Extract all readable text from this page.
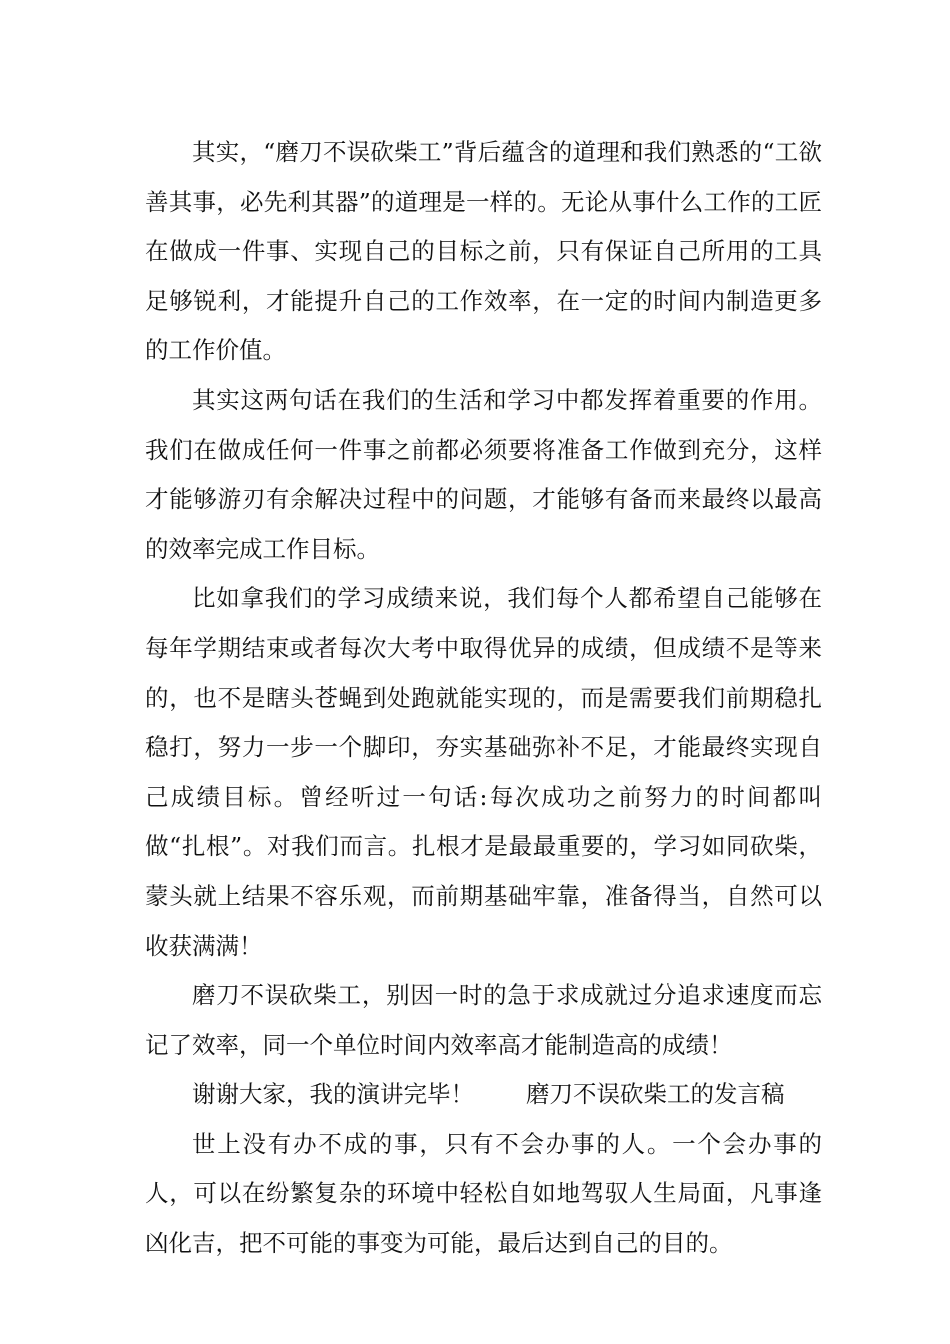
其实，“磨刀不误砍柴工”背后蕴含的道理和我们熟悉的“工欲善其事，必先利其器”的道理是一样的。无论从事什么工作的工匠在做成一件事、实现自己的目标之前，只有保证自己所用的工具足够锐利，才能提升自己的工作效率，在一定的时间内制造更多的工作价值。

其实这两句话在我们的生活和学习中都发挥着重要的作用。我们在做成任何一件事之前都必须要将准备工作做到充分，这样才能够游刃有余解决过程中的问题，才能够有备而来最终以最高的效率完成工作目标。

比如拿我们的学习成绩来说，我们每个人都希望自己能够在每年学期结束或者每次大考中取得优异的成绩，但成绩不是等来的，也不是瞎头苍蝇到处跑就能实现的，而是需要我们前期稳扎稳打，努力一步一个脚印，夯实基础弥补不足，才能最终实现自己成绩目标。曾经听过一句话:每次成功之前努力的时间都叫做“扎根”。对我们而言。扎根才是最最重要的，学习如同砍柴，蒙头就上结果不容乐观，而前期基础牢靠，准备得当，自然可以收获满满！

磨刀不误砍柴工，别因一时的急于求成就过分追求速度而忘记了效率，同一个单位时间内效率高才能制造高的成绩！

谢谢大家，我的演讲完毕！ 磨刀不误砍柴工的发言稿

世上没有办不成的事，只有不会办事的人。一个会办事的人，可以在纷繁复杂的环境中轻松自如地驾驭人生局面，凡事逢凶化吉，把不可能的事变为可能，最后达到自己的目的。
